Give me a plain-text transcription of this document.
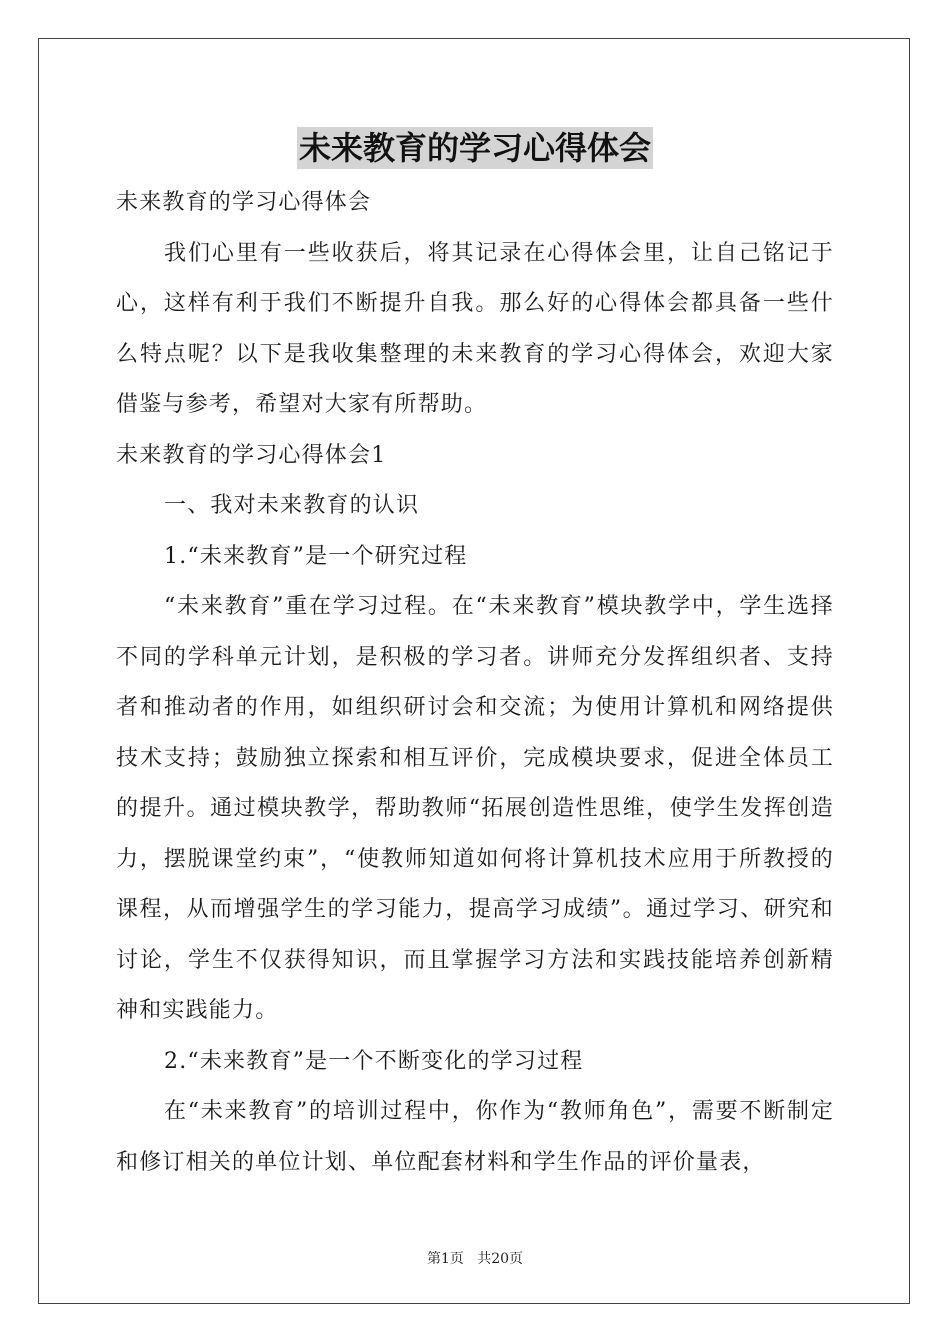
未来教育的学习心得体会

未来教育的学习心得体会

我们心里有一些收获后，将其记录在心得体会里，让自己铭记于心，这样有利于我们不断提升自我。那么好的心得体会都具备一些什么特点呢？以下是我收集整理的未来教育的学习心得体会，欢迎大家借鉴与参考，希望对大家有所帮助。

未来教育的学习心得体会1

一、我对未来教育的认识

1.“未来教育”是一个研究过程

“未来教育”重在学习过程。在“未来教育”模块教学中，学生选择不同的学科单元计划，是积极的学习者。讲师充分发挥组织者、支持者和推动者的作用，如组织研讨会和交流；为使用计算机和网络提供技术支持；鼓励独立探索和相互评价，完成模块要求，促进全体员工的提升。通过模块教学，帮助教师“拓展创造性思维，使学生发挥创造力，摆脱课堂约束”，“使教师知道如何将计算机技术应用于所教授的课程，从而增强学生的学习能力，提高学习成绩”。通过学习、研究和讨论，学生不仅获得知识，而且掌握学习方法和实践技能培养创新精神和实践能力。

2.“未来教育”是一个不断变化的学习过程

在“未来教育”的培训过程中，你作为“教师角色”，需要不断制定和修订相关的单位计划、单位配套材料和学生作品的评价量表，

第1页 共20页
